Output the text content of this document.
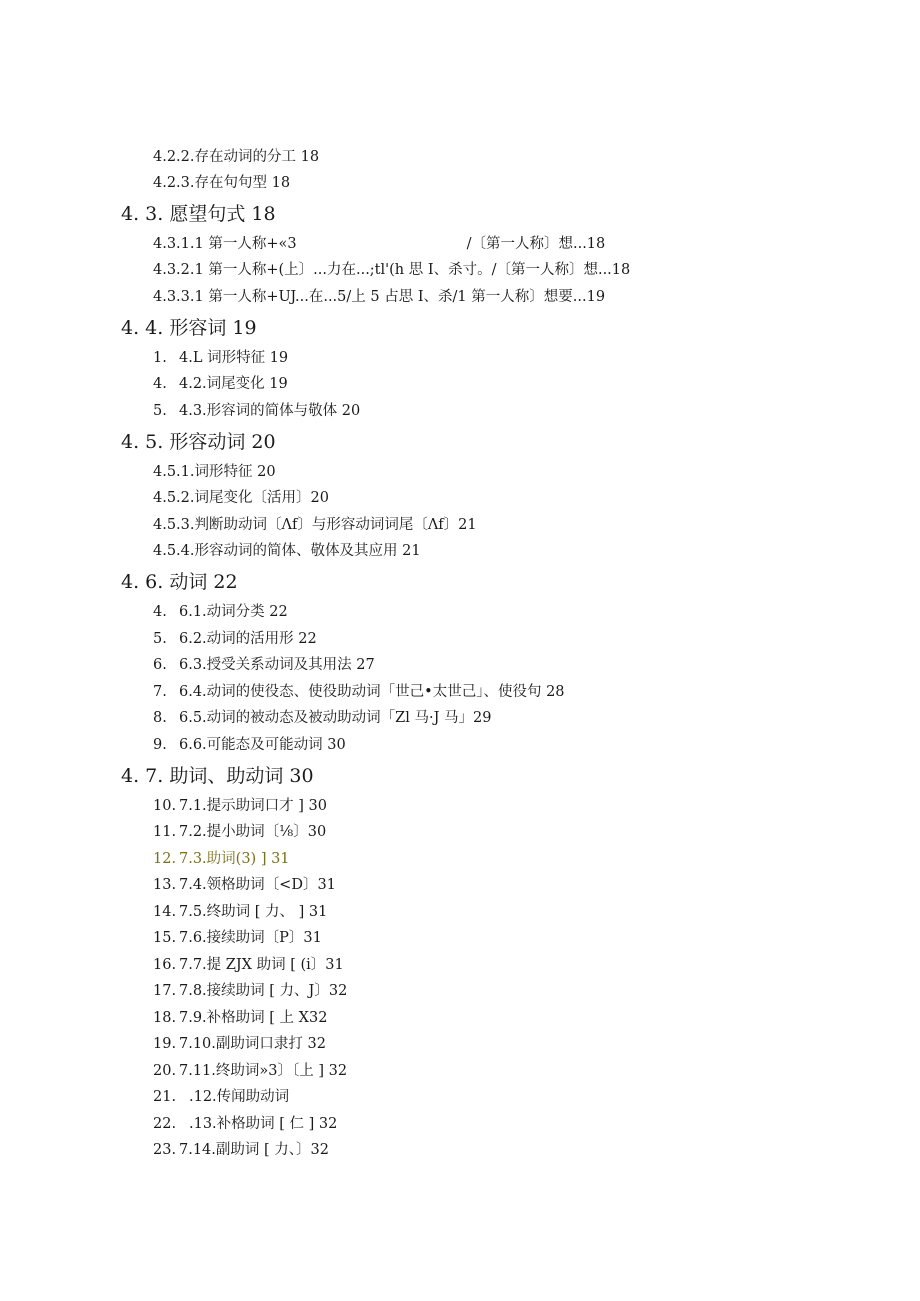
4.2.2.存在动词的分工 18
4.2.3.存在句句型 18
4. 3. 愿望句式 18
4.3.1.1 第一人称+«3	/〔第一人称〕想...18
4.3.2.1 第一人称+(上〕...力在...;tl'(h 思 I、杀寸。/〔第一人称〕想...18
4.3.3.1 第一人称+UJ...在...5/上 5 占思 I、杀/1 第一人称〕想要...19
4. 4. 形容词 19
1. 4.L 词形特征 19
4. 4.2.词尾变化 19
5. 4.3.形容词的简体与敬体 20
4. 5. 形容动词 20
4.5.1.词形特征 20
4.5.2.词尾变化〔活用〕20
4.5.3.判断助动词〔Λf〕与形容动词词尾〔Λf〕21
4.5.4.形容动词的简体、敬体及其应用 21
4. 6. 动词 22
4. 6.1.动词分类 22
5. 6.2.动词的活用形 22
6. 6.3.授受关系动词及其用法 27
7. 6.4.动词的使役态、使役助动词「世己•太世己」、使役句 28
8. 6.5.动词的被动态及被动助动词「Zl 马·J 马」29
9. 6.6.可能态及可能动词 30
4. 7. 助词、助动词 30
10. 7.1.提示助词口才 ] 30
11. 7.2.提小助词〔⅛〕30
12. 7.3.助词(3) ] 31
13. 7.4.领格助词〔<D〕31
14. 7.5.终助词 [ 力、 ] 31
15. 7.6.接续助词〔P〕31
16. 7.7.提 ZJX 助词 [ (i〕31
17. 7.8.接续助词 [ 力、J〕32
18. 7.9.补格助词 [ 上 X32
19. 7.10.副助词口隶打 32
20. 7.11.终助词»3〕〔上 ] 32
21. .12.传闻助动词
22. .13.补格助词 [ 仁 ] 32
23. 7.14.副助词 [ 力、〕32
